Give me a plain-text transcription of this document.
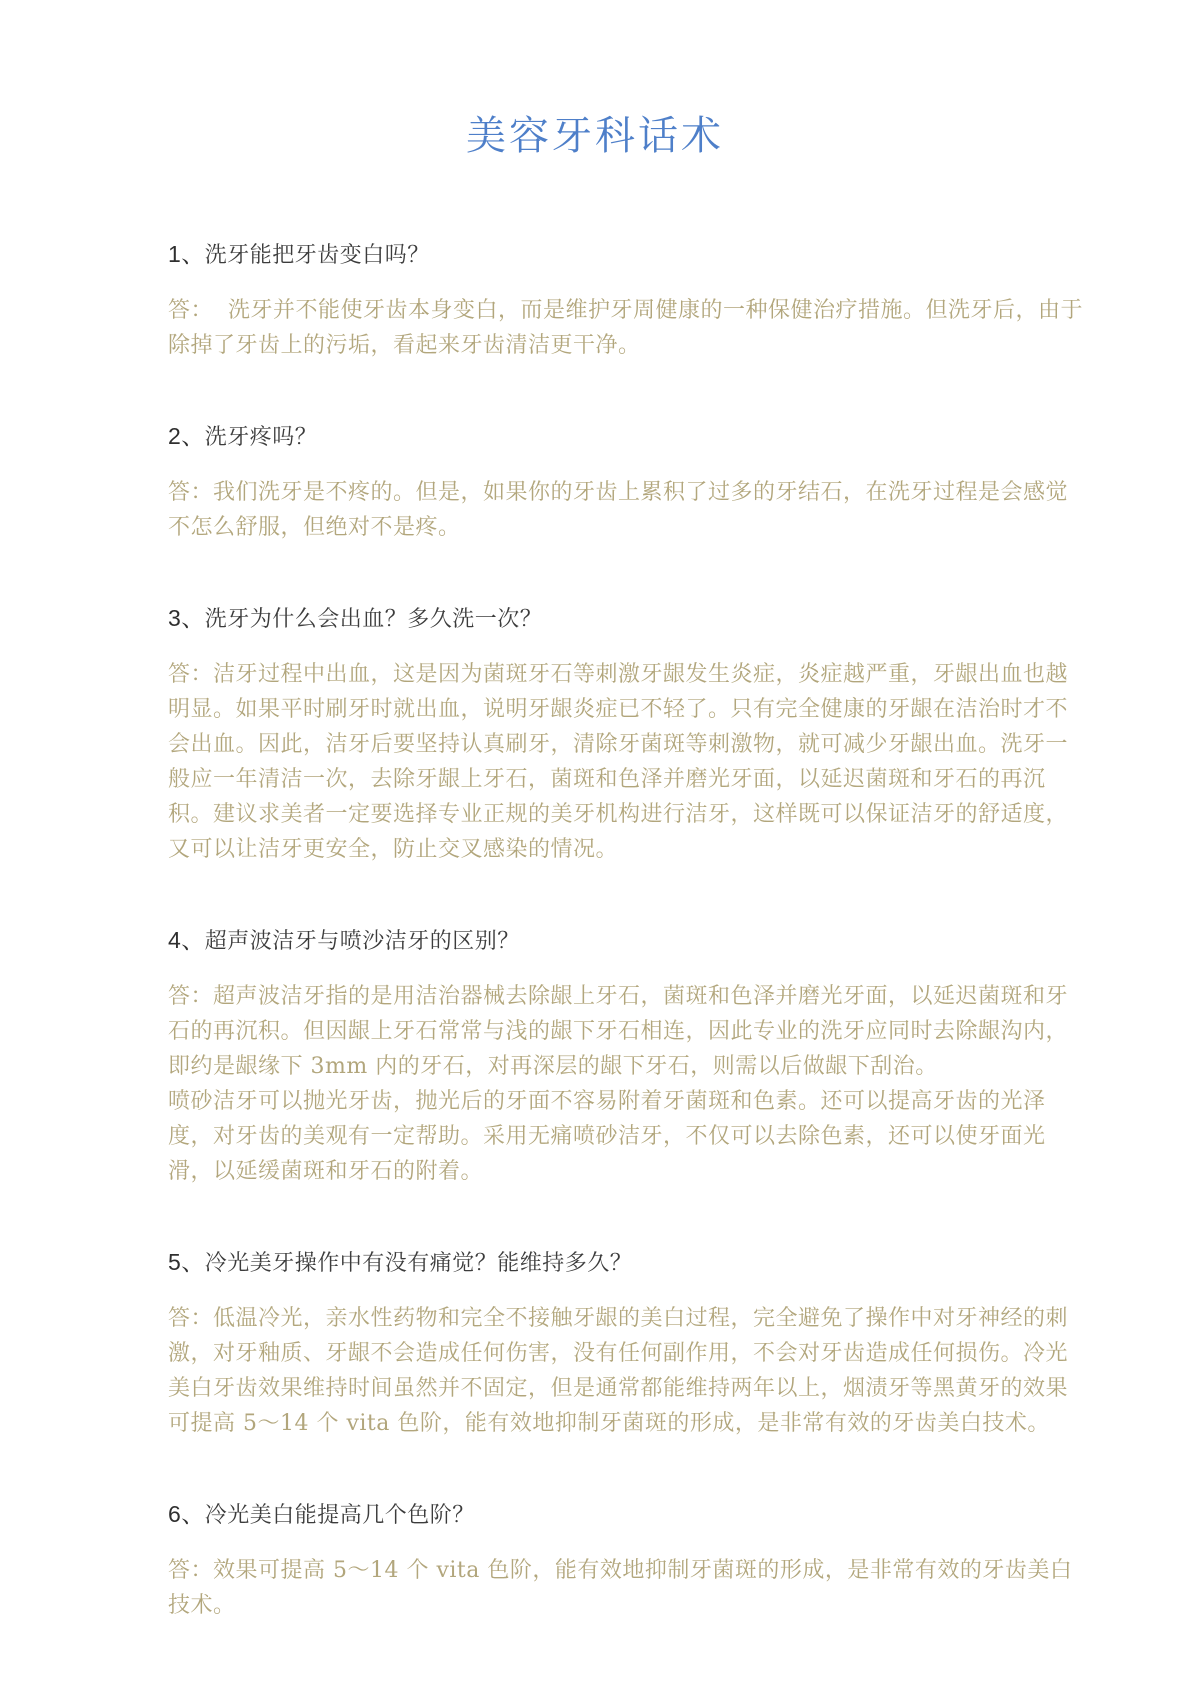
美容牙科话术
1、洗牙能把牙齿变白吗？

答：  洗牙并不能使牙齿本身变白，而是维护牙周健康的一种保健治疗措施。但洗牙后，由于除掉了牙齿上的污垢，看起来牙齿清洁更干净。

2、洗牙疼吗？

答：我们洗牙是不疼的。但是，如果你的牙齿上累积了过多的牙结石，在洗牙过程是会感觉不怎么舒服，但绝对不是疼。

3、洗牙为什么会出血？多久洗一次？

答：洁牙过程中出血，这是因为菌斑牙石等刺激牙龈发生炎症，炎症越严重，牙龈出血也越明显。如果平时刷牙时就出血，说明牙龈炎症已不轻了。只有完全健康的牙龈在洁治时才不会出血。因此，洁牙后要坚持认真刷牙，清除牙菌斑等刺激物，就可减少牙龈出血。洗牙一般应一年清洁一次，去除牙龈上牙石，菌斑和色泽并磨光牙面，以延迟菌斑和牙石的再沉积。建议求美者一定要选择专业正规的美牙机构进行洁牙，这样既可以保证洁牙的舒适度，又可以让洁牙更安全，防止交叉感染的情况。

4、超声波洁牙与喷沙洁牙的区别？

答：超声波洁牙指的是用洁治器械去除龈上牙石，菌斑和色泽并磨光牙面，以延迟菌斑和牙石的再沉积。但因龈上牙石常常与浅的龈下牙石相连，因此专业的洗牙应同时去除龈沟内，即约是龈缘下 3mm 内的牙石，对再深层的龈下牙石，则需以后做龈下刮治。

喷砂洁牙可以抛光牙齿，抛光后的牙面不容易附着牙菌斑和色素。还可以提高牙齿的光泽度，对牙齿的美观有一定帮助。采用无痛喷砂洁牙，不仅可以去除色素，还可以使牙面光滑，以延缓菌斑和牙石的附着。

5、冷光美牙操作中有没有痛觉？能维持多久？

答：低温冷光，亲水性药物和完全不接触牙龈的美白过程，完全避免了操作中对牙神经的刺激，对牙釉质、牙龈不会造成任何伤害，没有任何副作用，不会对牙齿造成任何损伤。冷光美白牙齿效果维持时间虽然并不固定，但是通常都能维持两年以上，烟渍牙等黑黄牙的效果可提高 5～14 个 vita 色阶，能有效地抑制牙菌斑的形成，是非常有效的牙齿美白技术。

6、冷光美白能提高几个色阶？

答：效果可提高 5～14 个 vita 色阶，能有效地抑制牙菌斑的形成，是非常有效的牙齿美白技术。
